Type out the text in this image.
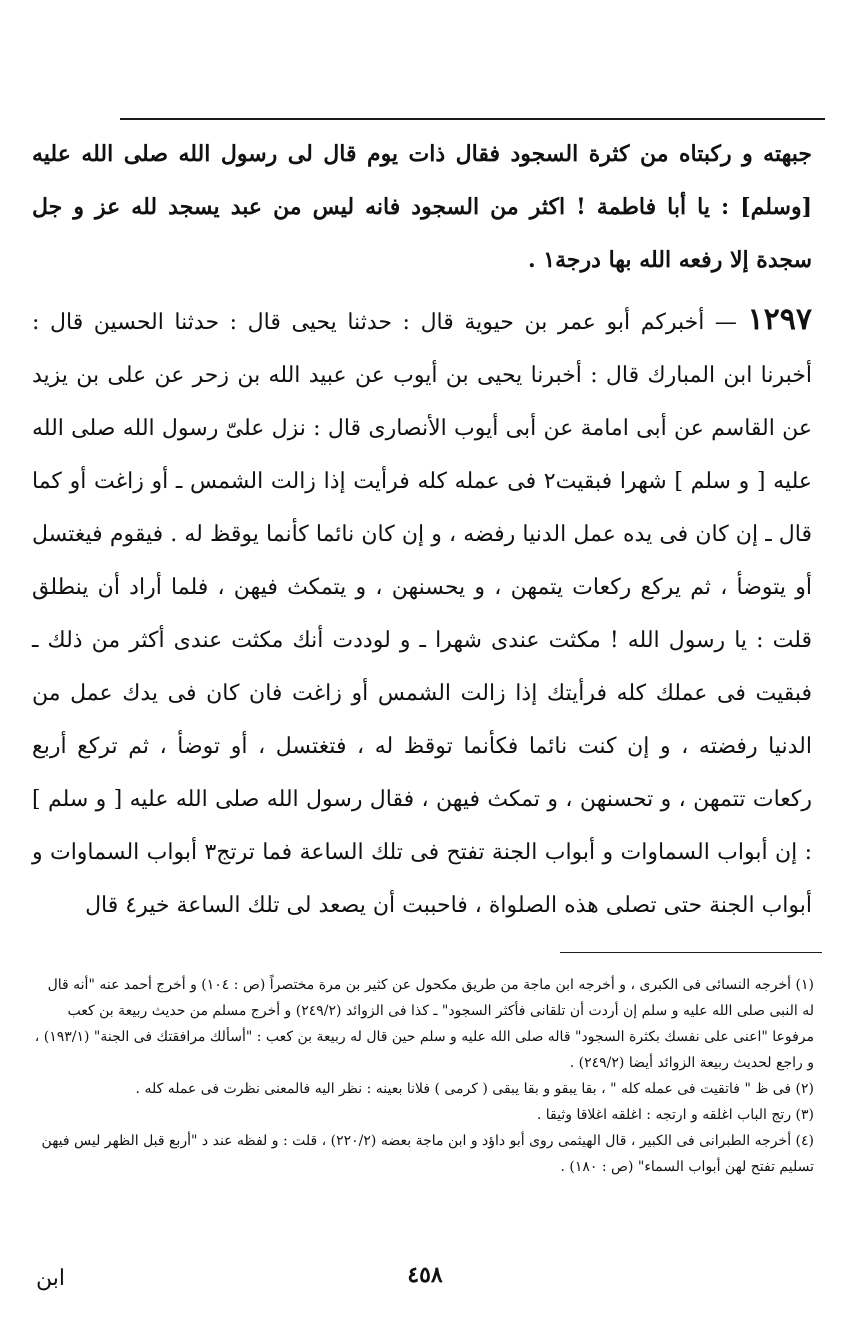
جبهته و ركبتاه من كثرة السجود فقال ذات يوم قال لى رسول الله صلى الله عليه [وسلم] : يا أبا فاطمة ! اكثر من السجود فانه ليس من عبد يسجد لله عز و جل سجدة إلا رفعه الله بها درجة١ .

١٢٩٧ — أخبركم أبو عمر بن حيوية قال : حدثنا يحيى قال : حدثنا الحسين قال : أخبرنا ابن المبارك قال : أخبرنا يحيى بن أيوب عن عبيد الله بن زحر عن على بن يزيد عن القاسم عن أبى امامة عن أبى أيوب الأنصارى قال : نزل علىّ رسول الله صلى الله عليه [ و سلم ] شهرا فبقيت٢ فى عمله كله فرأيت إذا زالت الشمس ـ أو زاغت أو كما قال ـ إن كان فى يده عمل الدنيا رفضه ، و إن كان نائما كأنما يوقظ له . فيقوم فيغتسل أو يتوضأ ، ثم يركع ركعات يتمهن ، و يحسنهن ، و يتمكث فيهن ، فلما أراد أن ينطلق قلت : يا رسول الله ! مكثت عندى شهرا ـ و لوددت أنك مكثت عندى أكثر من ذلك ـ فبقيت فى عملك كله فرأيتك إذا زالت الشمس أو زاغت فان كان فى يدك عمل من الدنيا رفضته ، و إن كنت نائما فكأنما توقظ له ، فتغتسل ، أو توضأ ، ثم تركع أربع ركعات تتمهن ، و تحسنهن ، و تمكث فيهن ، فقال رسول الله صلى الله عليه [ و سلم ] : إن أبواب السماوات و أبواب الجنة تفتح فى تلك الساعة فما ترتج٣ أبواب السماوات و أبواب الجنة حتى تصلى هذه الصلواة ، فاحببت أن يصعد لى تلك الساعة خير٤ قال

(١) أخرجه النسائى فى الكبرى ، و أخرجه ابن ماجة من طريق مكحول عن كثير بن مرة مختصراً (ص : ١٠٤) و أخرج أحمد عنه "أنه قال له النبى صلى الله عليه و سلم إن أردت أن تلقانى فأكثر السجود" ـ كذا فى الزوائد (٢٤٩/٢) و أخرج مسلم من حديث ربيعة بن كعب مرفوعا "اعنى على نفسك بكثرة السجود" قاله صلى الله عليه و سلم حين قال له ربيعة بن كعب : "أسألك مرافقتك فى الجنة" (١٩٣/١) ، و راجع لحديث ربيعة الزوائد أيضا (٢٤٩/٢) .

(٢) فى ظ " فاتقيت فى عمله كله " ، بقا يبقو و بقا يبقى ( كرمى ) فلانا بعينه : نظر اليه فالمعنى نظرت فى عمله كله .

(٣) رتج الباب اغلقه و ارتجه : اغلقه اغلاقا وثيقا .

(٤) أخرجه الطبرانى فى الكبير ، قال الهيثمى روى أبو داؤد و ابن ماجة بعضه (٢٢٠/٢) ، قلت : و لفظه عند د "أربع قبل الظهر ليس فيهن تسليم تفتح لهن أبواب السماء" (ص : ١٨٠) .

٤٥٨
ابن
